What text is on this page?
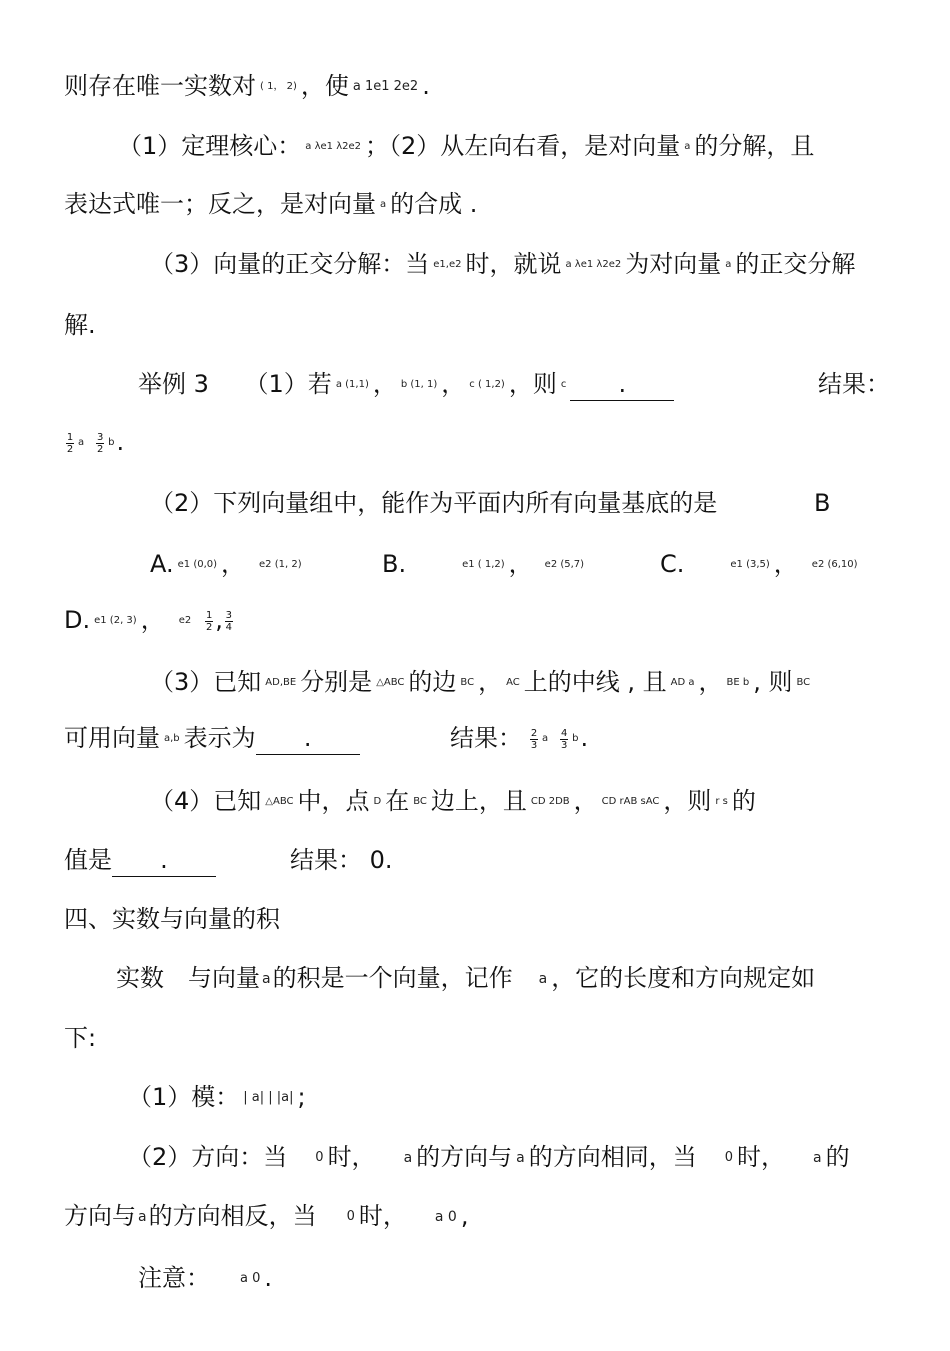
则存在唯一实数对 ( 1， 2) ，使 a 1e1 2e2 .
（1）定理核心： a λe1 λ2e2 ；（2）从左向右看，是对向量 a 的分解，且
表达式唯一；反之，是对向量 a 的合成 .
（3）向量的正交分解：当 e1,e2 时，就说 a λe1 λ2e2 为对向量 a 的正交分解
解.
举例 3 （1）若 a (1,1) ， b (1, 1) ， c ( 1,2) ，则 c .	结果：
$\frac{1}{2}$ a $\frac{3}{2} b$.
（2）下列向量组中，能作为平面内所有向量基底的是	B
A. e1 (0,0) ， e2 (1, 2)	B.	e1 ( 1,2) ， e2 (5,7)	C.	e1 (3,5) ， e2 (6,10)
D. e1 (2, 3) ， $e2 \frac{1}{2}$ , $\frac{3}{4}$
（3）已知 AD,BE 分别是 △ABC 的边 BC ， AC 上的中线 , 且 AD a ， BE b , 则 BC
可用向量 a,b 表示为 .	结果： $\frac{2}{3}$ a $\frac{4}{3} b$.
（4）已知 △ABC 中，点 D 在 BC 边上，且 CD 2DB ， CD rAB sAC ，则 r s 的
值是 .	结果： 0.
四、实数与向量的积
实数 与向量 a的积是一个向量，记作 a ，它的长度和方向规定如
下:
（1）模： | a| | |a| ;
（2）方向：当 0 时， a 的方向与 a 的方向相同，当 0 时， a 的
方向与 a的方向相反，当 0 时， a 0 ,
注意： a 0 .
